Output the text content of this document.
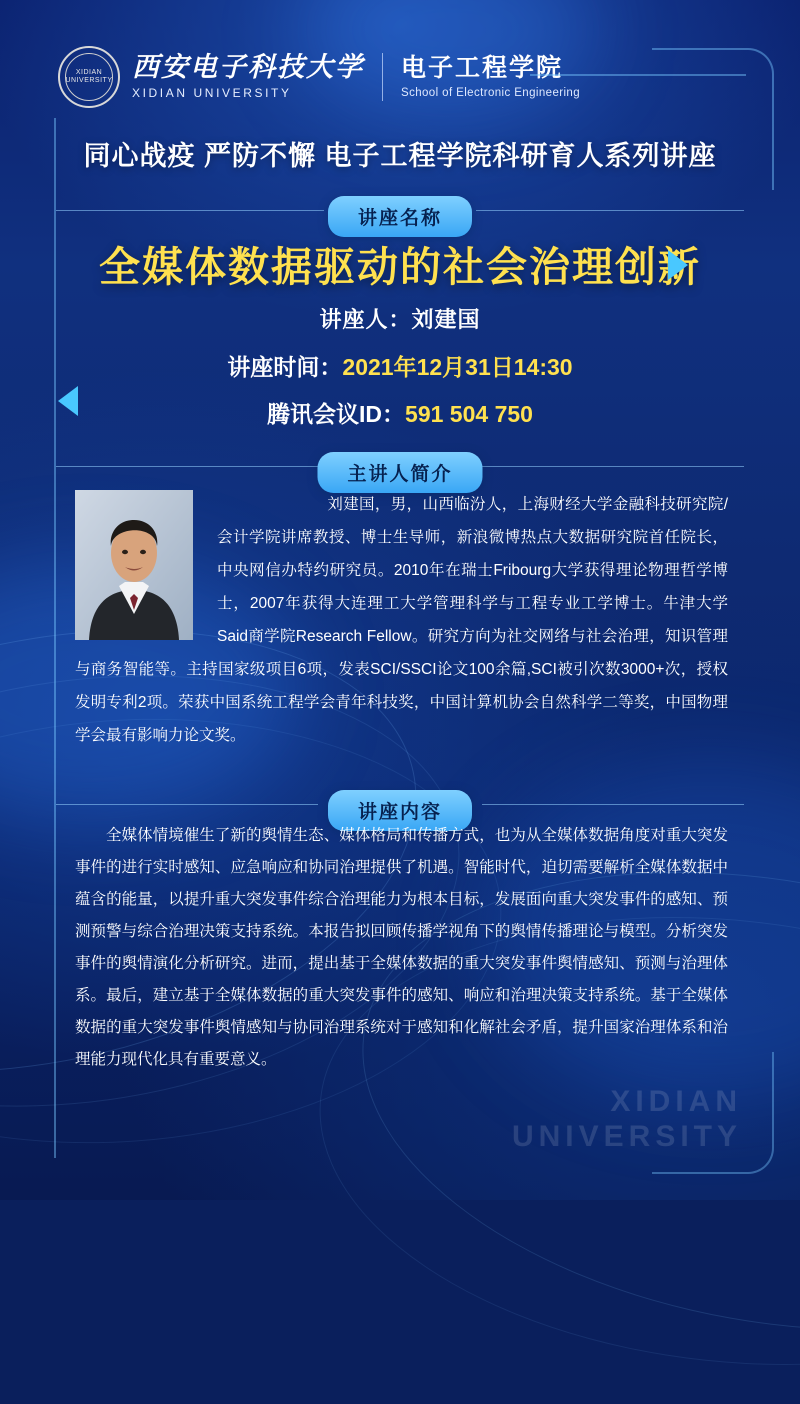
XIDIAN UNIVERSITY 西安电子科技大学
XIDIAN UNIVERSITY
电子工程学院
School of Electronic Engineering
同心战疫 严防不懈 电子工程学院科研育人系列讲座
讲座名称
全媒体数据驱动的社会治理创新
讲座人：刘建国
讲座时间：2021年12月31日14:30
腾讯会议ID：591 504 750
主讲人简介

刘建国，男，山西临汾人，上海财经大学金融科技研究院/会计学院讲席教授、博士生导师，新浪微博热点大数据研究院首任院长，中央网信办特约研究员。2010年在瑞士Fribourg大学获得理论物理哲学博士，2007年获得大连理工大学管理科学与工程专业工学博士。牛津大学Said商学院Research Fellow。研究方向为社交网络与社会治理，知识管理与商务智能等。主持国家级项目6项，发表SCI/SSCI论文100余篇,SCI被引次数3000+次，授权发明专利2项。荣获中国系统工程学会青年科技奖，中国计算机协会自然科学二等奖，中国物理学会最有影响力论文奖。

讲座内容

全媒体情境催生了新的舆情生态、媒体格局和传播方式，也为从全媒体数据角度对重大突发事件的进行实时感知、应急响应和协同治理提供了机遇。智能时代，迫切需要解析全媒体数据中蕴含的能量，以提升重大突发事件综合治理能力为根本目标，发展面向重大突发事件的感知、预测预警与综合治理决策支持系统。本报告拟回顾传播学视角下的舆情传播理论与模型。分析突发事件的舆情演化分析研究。进而，提出基于全媒体数据的重大突发事件舆情感知、预测与治理体系。最后，建立基于全媒体数据的重大突发事件的感知、响应和治理决策支持系统。基于全媒体数据的重大突发事件舆情感知与协同治理系统对于感知和化解社会矛盾，提升国家治理体系和治理能力现代化具有重要意义。

XIDIAN
UNIVERSITY
